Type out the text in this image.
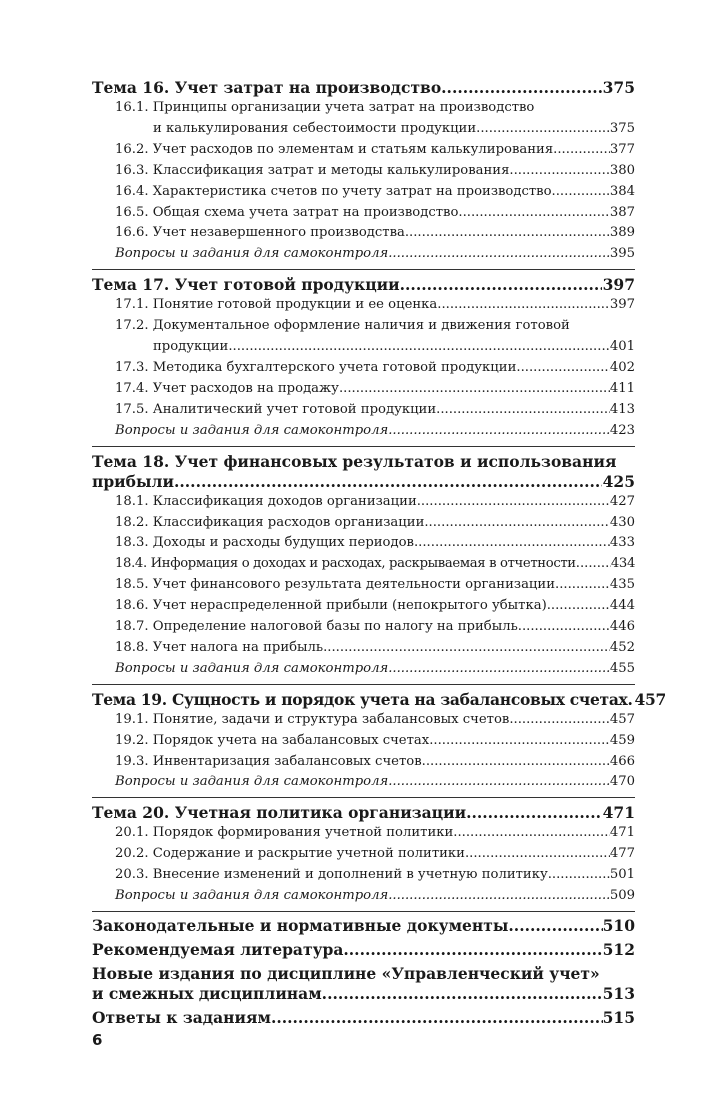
Тема 16. Учет затрат на производство .....	375
16.1. Принципы организации учета затрат на производство
и калькулирования себестоимости продукции .....	375
16.2. Учет расходов по элементам и статьям калькулирования .....	377
16.3. Классификация затрат и методы калькулирования .....	380
16.4. Характеристика счетов по учету затрат на производство .....	384
16.5. Общая схема учета затрат на производство .....	387
16.6. Учет незавершенного производства .....	389
Вопросы и задания для самоконтроля .....	395
Тема 17. Учет готовой продукции .....	397
17.1. Понятие готовой продукции и ее оценка .....	397
17.2. Документальное оформление наличия и движения готовой
продукции .....	401
17.3. Методика бухгалтерского учета готовой продукции .....	402
17.4. Учет расходов на продажу .....	411
17.5. Аналитический учет готовой продукции .....	413
Вопросы и задания для самоконтроля .....	423
Тема 18. Учет финансовых результатов и использования
прибыли .....	425
18.1. Классификация доходов организации .....	427
18.2. Классификация расходов организации .....	430
18.3. Доходы и расходы будущих периодов .....	433
18.4. Информация о доходах и расходах, раскрываемая в отчетности .....	434
18.5. Учет финансового результата деятельности организации .....	435
18.6. Учет нераспределенной прибыли (непокрытого убытка) .....	444
18.7. Определение налоговой базы по налогу на прибыль .....	446
18.8. Учет налога на прибыль .....	452
Вопросы и задания для самоконтроля .....	455
Тема 19. Сущность и порядок учета на забалансовых счетах ..... 457
19.1. Понятие, задачи и структура забалансовых счетов .....	457
19.2. Порядок учета на забалансовых счетах .....	459
19.3. Инвентаризация забалансовых счетов .....	466
Вопросы и задания для самоконтроля .....	470
Тема 20. Учетная политика организации .....	471
20.1. Порядок формирования учетной политики .....	471
20.2. Содержание и раскрытие учетной политики .....	477
20.3. Внесение изменений и дополнений в учетную политику .....	501
Вопросы и задания для самоконтроля .....	509
Законодательные и нормативные документы .....	510
Рекомендуемая литература .....	512
Новые издания по дисциплине «Управленческий учет»
и смежных дисциплинам .....	513
Ответы к заданиям .....	515
6
